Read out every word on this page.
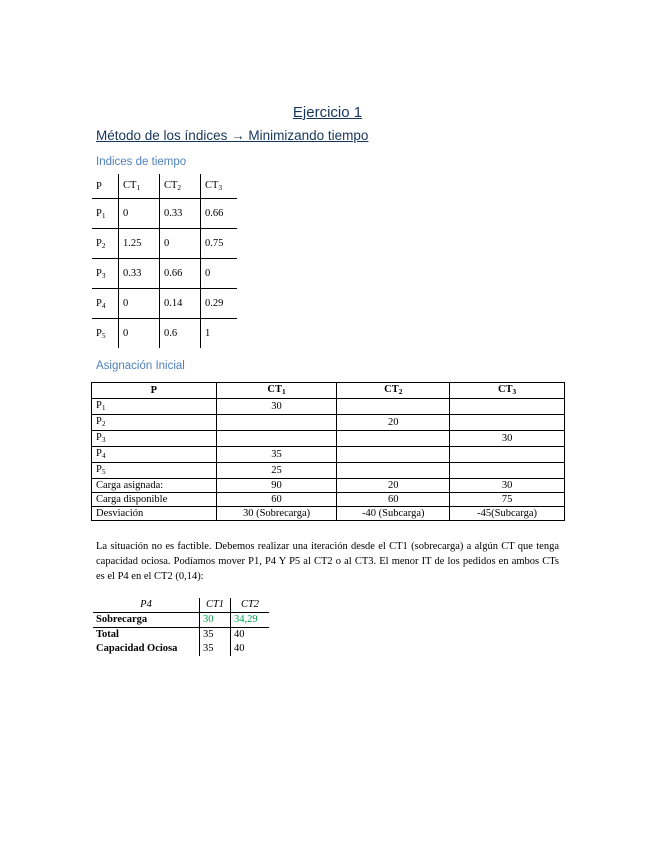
Ejercicio 1
Método de los índices → Minimizando tiempo
Indices de tiempo
P	$CT_1$	$CT_2$	$CT_3$
$P_1$	0	0.33	0.66
$P_2$	1.25	0	0.75
$P_3$	0.33	0.66	0
$P_4$	0	0.14	0.29
$P_5$	0	0.6	1
Asignación Inicial
P	$CT_1$	$CT_2$	$CT_3$
$P_1$	30		
$P_2$		20	
$P_3$			30
$P_4$	35		
$P_5$	25		
Carga asignada:	90	20	30
Carga disponible	60	60	75
Desviación	30 (Sobrecarga)	-40 (Subcarga)	-45(Subcarga)
La situación no es factible. Debemos realizar una iteración desde el CT1 (sobrecarga) a algún CT que tenga capacidad ociosa. Podíamos mover P1, P4 Y P5 al CT2 o al CT3. El menor IT de los pedidos en ambos CTs es el P4 en el CT2 (0,14):
P4	CT1	CT2
Sobrecarga	30	34,29
Total	35	40
Capacidad Ociosa	35	40
